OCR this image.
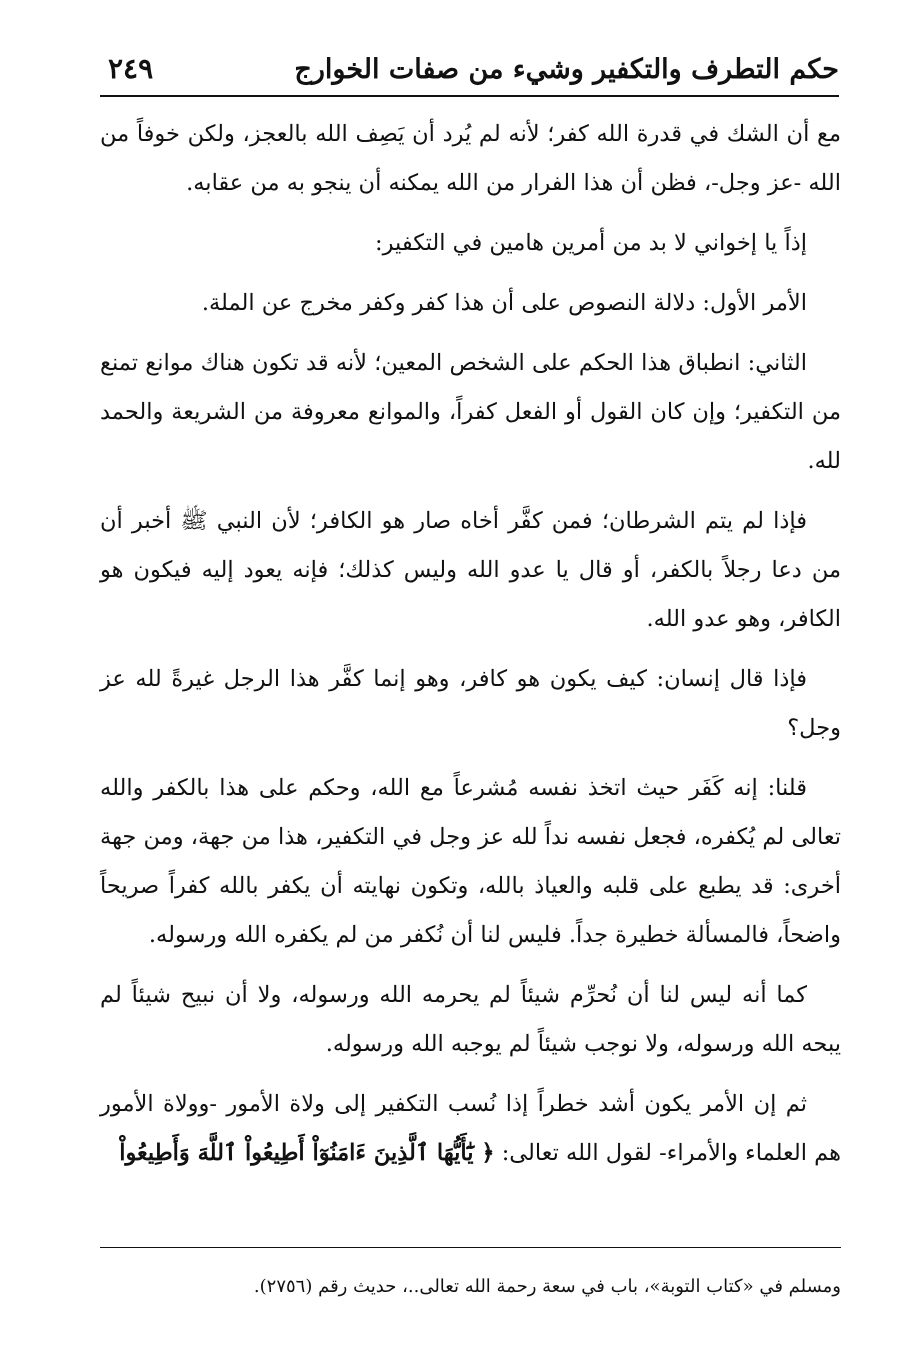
حكم التطرف والتكفير وشيء من صفات الخوارج
٢٤٩

مع أن الشك في قدرة الله كفر؛ لأنه لم يُرد أن يَصِف الله بالعجز، ولكن خوفاً من الله -عز وجل-، فظن أن هذا الفرار من الله يمكنه أن ينجو به من عقابه.

إذاً يا إخواني لا بد من أمرين هامين في التكفير:

الأمر الأول: دلالة النصوص على أن هذا كفر وكفر مخرج عن الملة.

الثاني: انطباق هذا الحكم على الشخص المعين؛ لأنه قد تكون هناك موانع تمنع من التكفير؛ وإن كان القول أو الفعل كفراً، والموانع معروفة من الشريعة والحمد لله.

فإذا لم يتم الشرطان؛ فمن كفَّر أخاه صار هو الكافر؛ لأن النبي ﷺ أخبر أن من دعا رجلاً بالكفر، أو قال يا عدو الله وليس كذلك؛ فإنه يعود إليه فيكون هو الكافر، وهو عدو الله.

فإذا قال إنسان: كيف يكون هو كافر، وهو إنما كفَّر هذا الرجل غيرةً لله عز وجل؟

قلنا: إنه كَفَر حيث اتخذ نفسه مُشرعاً مع الله، وحكم على هذا بالكفر والله تعالى لم يُكفره، فجعل نفسه نداً لله عز وجل في التكفير، هذا من جهة، ومن جهة أخرى: قد يطبع على قلبه والعياذ بالله، وتكون نهايته أن يكفر بالله كفراً صريحاً واضحاً، فالمسألة خطيرة جداً. فليس لنا أن نُكفر من لم يكفره الله ورسوله.

كما أنه ليس لنا أن نُحرِّم شيئاً لم يحرمه الله ورسوله، ولا أن نبيح شيئاً لم يبحه الله ورسوله، ولا نوجب شيئاً لم يوجبه الله ورسوله.

ثم إن الأمر يكون أشد خطراً إذا نُسب التكفير إلى ولاة الأمور -وولاة الأمور هم العلماء والأمراء- لقول الله تعالى: ﴿ يَٰٓأَيُّهَا ٱلَّذِينَ ءَامَنُوٓاْ أَطِيعُواْ ٱللَّهَ وَأَطِيعُواْ

ومسلم في «كتاب التوبة»، باب في سعة رحمة الله تعالى..، حديث رقم (٢٧٥٦).
